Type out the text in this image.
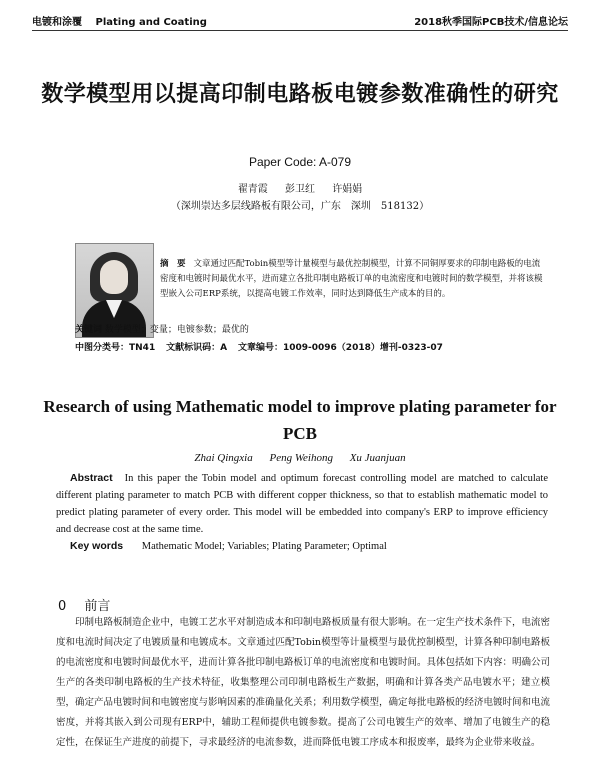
电镀和涂覆 Plating and Coating	2018秋季国际PCB技术/信息论坛
数学模型用以提高印制电路板电镀参数准确性的研究
Paper Code: A-079
翟青霞 彭卫红 许娟娟
（深圳崇达多层线路板有限公司，广东　深圳　518132）
摘　要 文章通过匹配Tobin模型等计量模型与最优控制模型，计算不同铜厚要求的印制电路板的电流密度和电镀时间最优水平，进而建立各批印制电路板订单的电流密度和电镀时间的数学模型，并将该模型嵌入公司ERP系统，以提高电镀工作效率，同时达到降低生产成本的目的。
关键词 数学模型；变量；电镀参数；最优的
中图分类号：TN41 文献标识码：A 文章编号：1009-0096（2018）增刊-0323-07
Research of using Mathematic model to improve plating parameter for PCB
Zhai Qingxia Peng Weihong Xu Juanjuan
Abstract In this paper the Tobin model and optimum forecast controlling model are matched to calculate different plating parameter to match PCB with different copper thickness, so that to establish mathematic model to predict plating parameter of every order. This model will be embedded into company's ERP to improve efficiency and decrease cost at the same time.
Key words Mathematic Model; Variables; Plating Parameter; Optimal
0 前言
印制电路板制造企业中，电镀工艺水平对制造成本和印制电路板质量有很大影响。在一定生产技术条件下，电流密度和电流时间决定了电镀质量和电镀成本。文章通过匹配Tobin模型等计量模型与最优控制模型，计算各种印制电路板的电流密度和电镀时间最优水平，进而计算各批印制电路板订单的电流密度和电镀时间。具体包括如下内容：明确公司生产的各类印制电路板的生产技术特征，收集整理公司印制电路板生产数据，明确和计算各类产品电镀水平；建立模型，确定产品电镀时间和电镀密度与影响因素的准确量化关系；利用数学模型，确定每批电路板的经济电镀时间和电流密度，并将其嵌入到公司现有ERP中，辅助工程师提供电镀参数。提高了公司电镀生产的效率、增加了电镀生产的稳定性，在保证生产进度的前提下，寻求最经济的电流参数，进而降低电镀工序成本和报废率，最终为企业带来收益。
